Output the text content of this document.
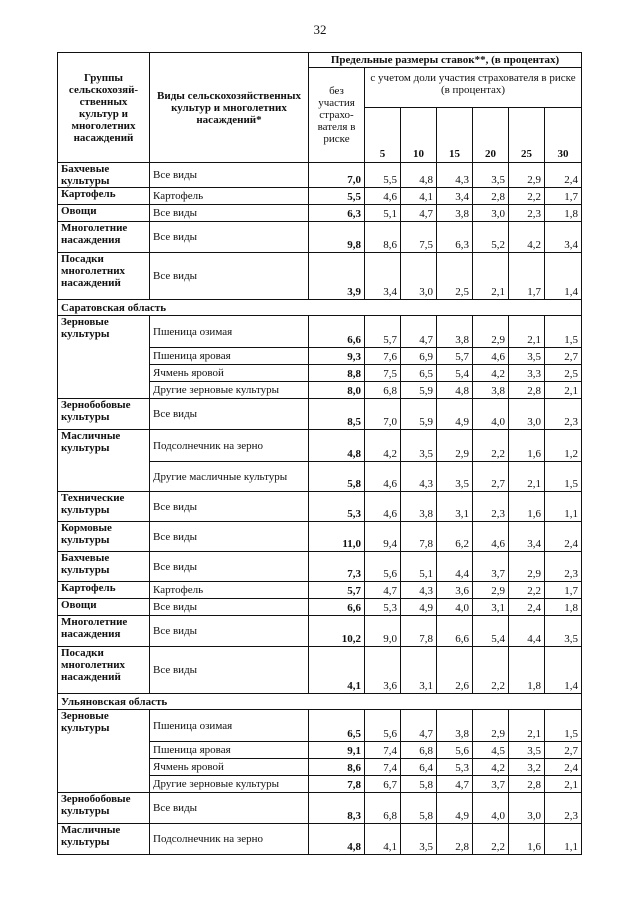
32
Группы сельскохозяй-ственных культур и многолетних насаждений	Виды сельскохозяйственных культур и многолетних насаждений*	Предельные размеры ставок**, (в процентах)						
		без участия страхо-вателя в риске	с учетом доли участия страхователя в риске (в процентах)					
			5	10	15	20	25	30
Бахчевые культуры	Все виды	7,0	5,5	4,8	4,3	3,5	2,9	2,4
Картофель	Картофель	5,5	4,6	4,1	3,4	2,8	2,2	1,7
Овощи	Все виды	6,3	5,1	4,7	3,8	3,0	2,3	1,8
Многолетние насаждения	Все виды	9,8	8,6	7,5	6,3	5,2	4,2	3,4
Посадки многолетних насаждений	Все виды	3,9	3,4	3,0	2,5	2,1	1,7	1,4
Саратовская область								
Зерновые культуры	Пшеница озимая	6,6	5,7	4,7	3,8	2,9	2,1	1,5
	Пшеница яровая	9,3	7,6	6,9	5,7	4,6	3,5	2,7
	Ячмень яровой	8,8	7,5	6,5	5,4	4,2	3,3	2,5
	Другие зерновые культуры	8,0	6,8	5,9	4,8	3,8	2,8	2,1
Зернобобовые культуры	Все виды	8,5	7,0	5,9	4,9	4,0	3,0	2,3
Масличные культуры	Подсолнечник на зерно	4,8	4,2	3,5	2,9	2,2	1,6	1,2
	Другие масличные культуры	5,8	4,6	4,3	3,5	2,7	2,1	1,5
Технические культуры	Все виды	5,3	4,6	3,8	3,1	2,3	1,6	1,1
Кормовые культуры	Все виды	11,0	9,4	7,8	6,2	4,6	3,4	2,4
Бахчевые культуры	Все виды	7,3	5,6	5,1	4,4	3,7	2,9	2,3
Картофель	Картофель	5,7	4,7	4,3	3,6	2,9	2,2	1,7
Овощи	Все виды	6,6	5,3	4,9	4,0	3,1	2,4	1,8
Многолетние насаждения	Все виды	10,2	9,0	7,8	6,6	5,4	4,4	3,5
Посадки многолетних насаждений	Все виды	4,1	3,6	3,1	2,6	2,2	1,8	1,4
Ульяновская область								
Зерновые культуры	Пшеница озимая	6,5	5,6	4,7	3,8	2,9	2,1	1,5
	Пшеница яровая	9,1	7,4	6,8	5,6	4,5	3,5	2,7
	Ячмень яровой	8,6	7,4	6,4	5,3	4,2	3,2	2,4
	Другие зерновые культуры	7,8	6,7	5,8	4,7	3,7	2,8	2,1
Зернобобовые культуры	Все виды	8,3	6,8	5,8	4,9	4,0	3,0	2,3
Масличные культуры	Подсолнечник на зерно	4,8	4,1	3,5	2,8	2,2	1,6	1,1
